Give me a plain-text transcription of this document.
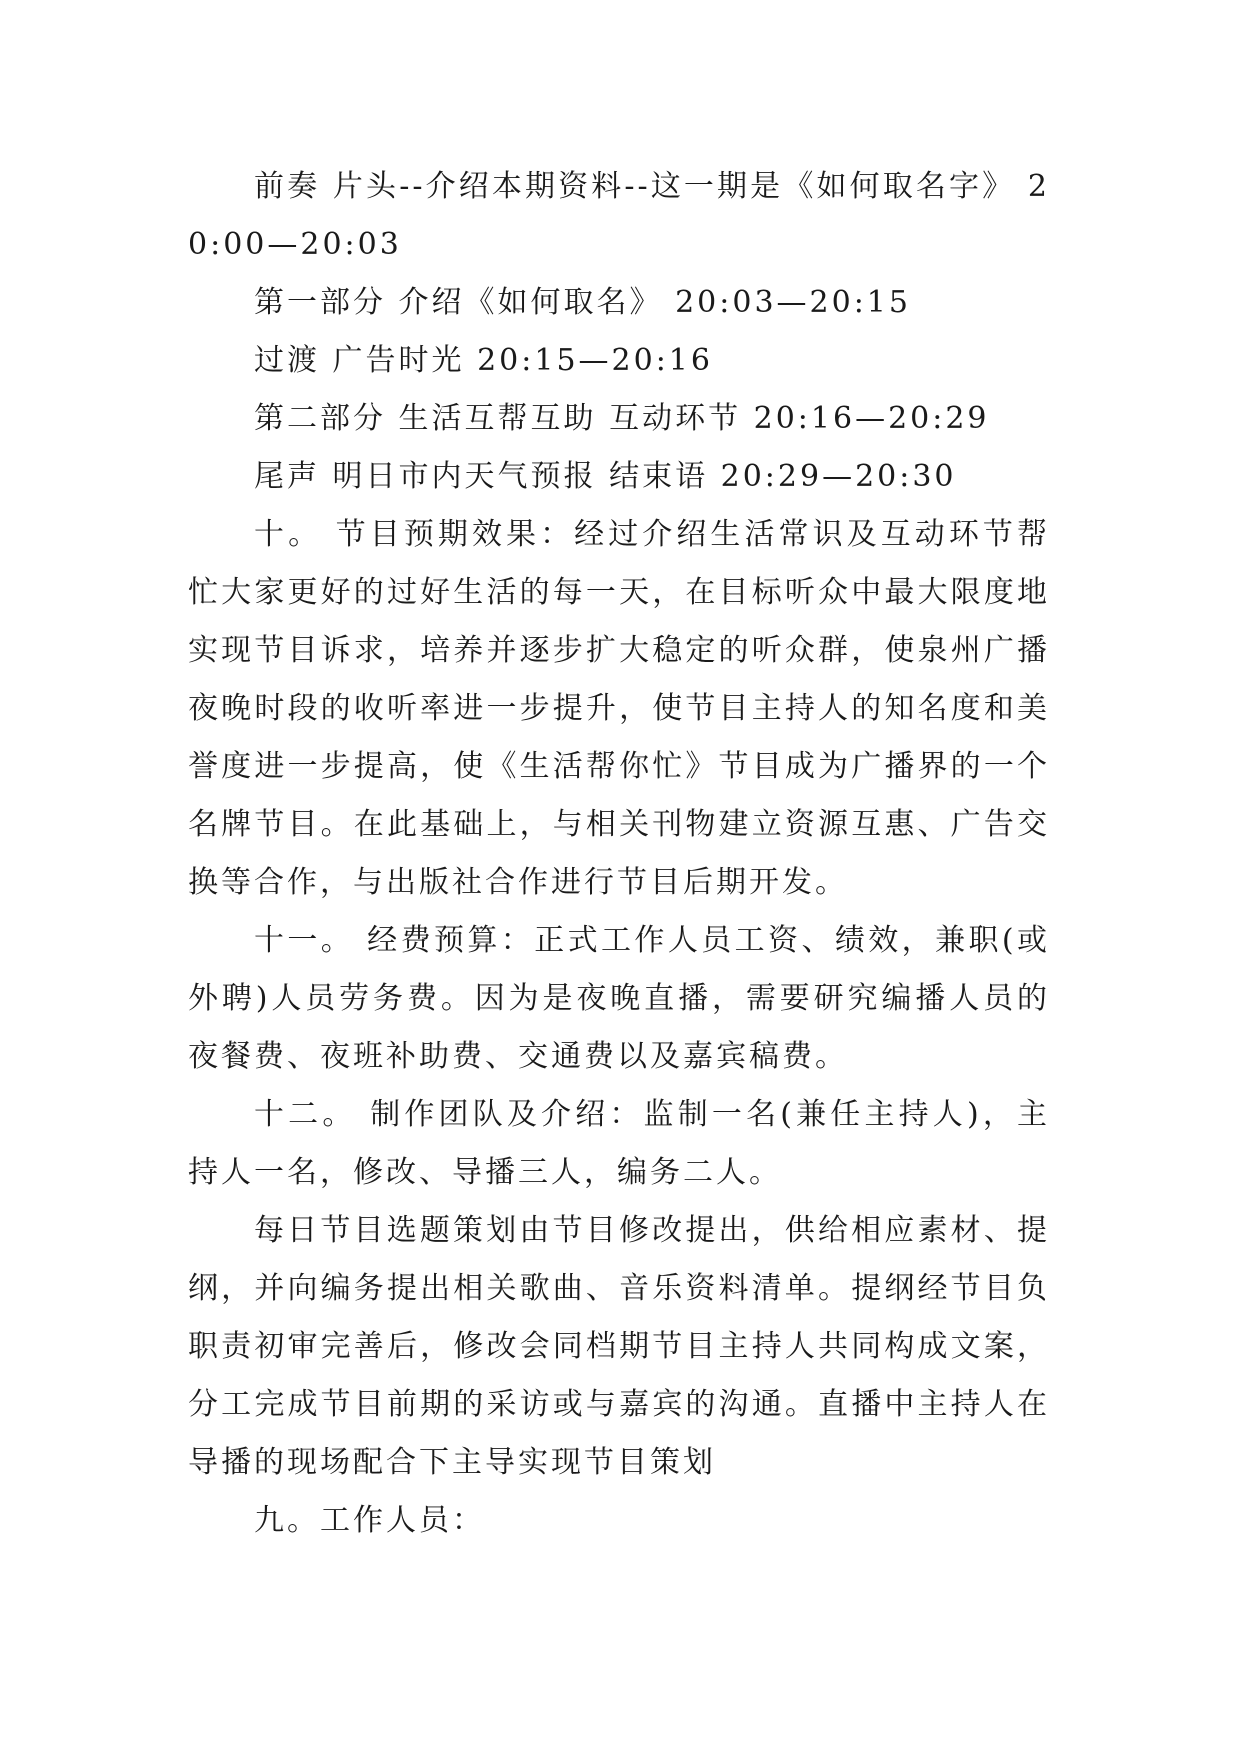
前奏 片头--介绍本期资料--这一期是《如何取名字》 20:00—20:03

第一部分 介绍《如何取名》 20:03—20:15

过渡 广告时光 20:15—20:16

第二部分 生活互帮互助 互动环节 20:16—20:29

尾声 明日市内天气预报 结束语 20:29—20:30

十。 节目预期效果：经过介绍生活常识及互动环节帮忙大家更好的过好生活的每一天，在目标听众中最大限度地实现节目诉求，培养并逐步扩大稳定的听众群，使泉州广播夜晚时段的收听率进一步提升，使节目主持人的知名度和美誉度进一步提高，使《生活帮你忙》节目成为广播界的一个名牌节目。在此基础上，与相关刊物建立资源互惠、广告交换等合作，与出版社合作进行节目后期开发。

十一。 经费预算：正式工作人员工资、绩效，兼职(或外聘)人员劳务费。因为是夜晚直播，需要研究编播人员的夜餐费、夜班补助费、交通费以及嘉宾稿费。

十二。 制作团队及介绍：监制一名(兼任主持人)，主持人一名，修改、导播三人，编务二人。

每日节目选题策划由节目修改提出，供给相应素材、提纲，并向编务提出相关歌曲、音乐资料清单。提纲经节目负职责初审完善后，修改会同档期节目主持人共同构成文案，分工完成节目前期的采访或与嘉宾的沟通。直播中主持人在导播的现场配合下主导实现节目策划

九。工作人员：
